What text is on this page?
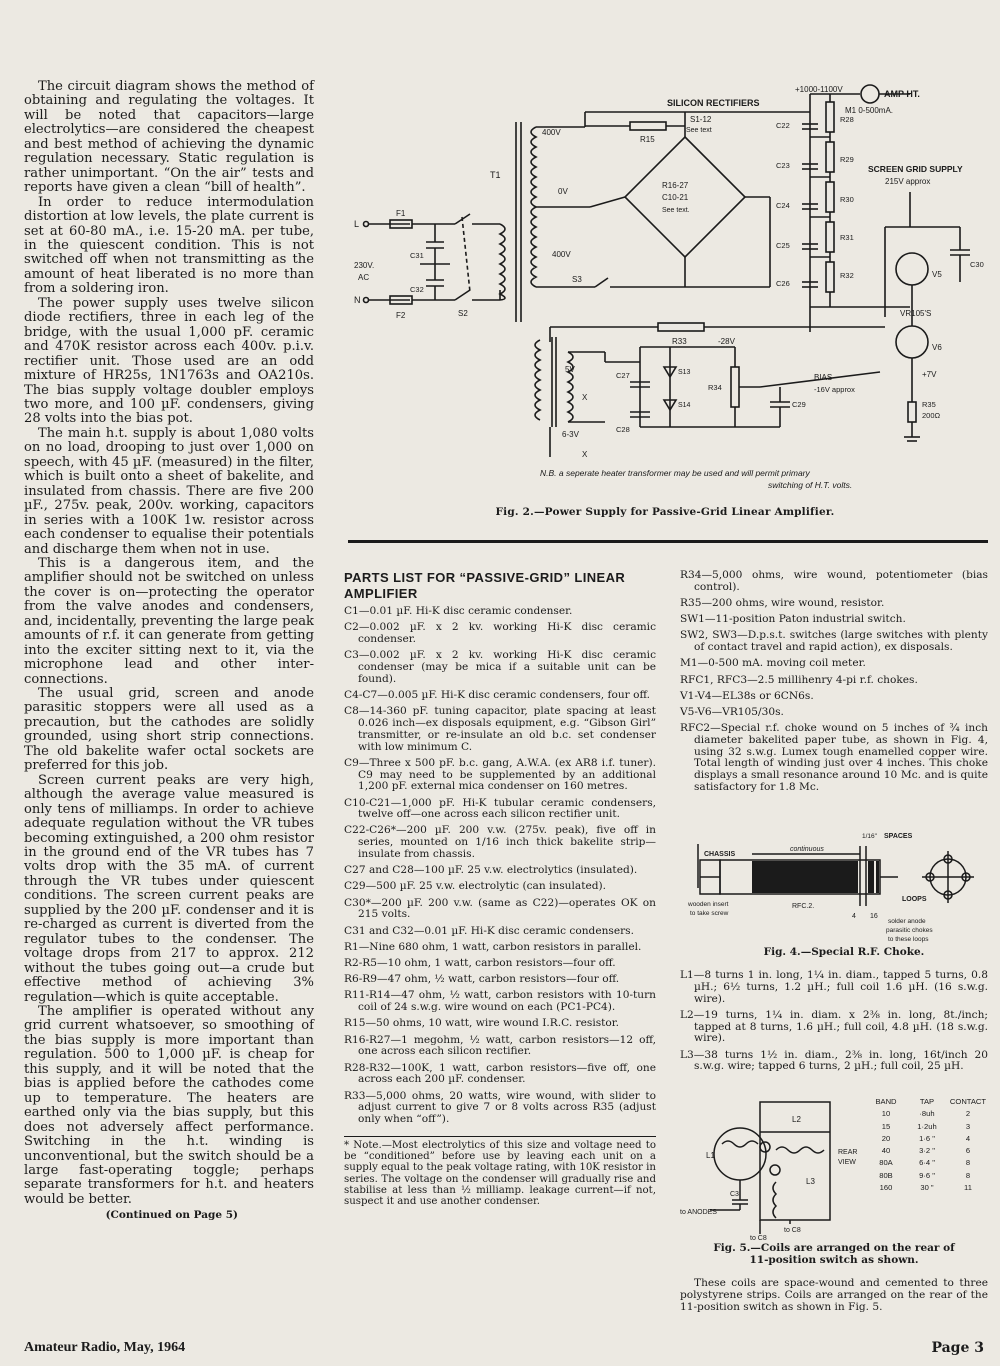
The circuit diagram shows the method of obtaining and regulating the voltages. It will be noted that capacitors—large electrolytics—are considered the cheapest and best method of achieving the dynamic regulation necessary. Static regulation is rather unimportant. “On the air” tests and reports have given a clean “bill of health”.

In order to reduce intermodulation distortion at low levels, the plate current is set at 60-80 mA., i.e. 15-20 mA. per tube, in the quiescent condition. This is not switched off when not transmitting as the amount of heat liberated is no more than from a soldering iron.

The power supply uses twelve silicon diode rectifiers, three in each leg of the bridge, with the usual 1,000 pF. ceramic and 470K resistor across each 400v. p.i.v. rectifier unit. Those used are an odd mixture of HR25s, 1N1763s and OA210s. The bias supply voltage doubler employs two more, and 100 µF. condensers, giving 28 volts into the bias pot.

The main h.t. supply is about 1,080 volts on no load, drooping to just over 1,000 on speech, with 45 µF. (measured) in the filter, which is built onto a sheet of bakelite, and insulated from chassis. There are five 200 µF., 275v. peak, 200v. working, capacitors in series with a 100K 1w. resistor across each condenser to equalise their potentials and discharge them when not in use.

This is a dangerous item, and the amplifier should not be switched on unless the cover is on—protecting the operator from the valve anodes and condensers, and, incidentally, preventing the large peak amounts of r.f. it can generate from getting into the exciter sitting next to it, via the microphone lead and other inter-connections.

The usual grid, screen and anode parasitic stoppers were all used as a precaution, but the cathodes are solidly grounded, using short strip connections. The old bakelite wafer octal sockets are preferred for this job.

Screen current peaks are very high, although the average value measured is only tens of milliamps. In order to achieve adequate regulation without the VR tubes becoming extinguished, a 200 ohm resistor in the ground end of the VR tubes has 7 volts drop with the 35 mA. of current through the VR tubes under quiescent conditions. The screen current peaks are supplied by the 200 µF. condenser and it is re-charged as current is diverted from the regulator tubes to the condenser. The voltage drops from 217 to approx. 212 without the tubes going out—a crude but effective method of achieving 3% regulation—which is quite acceptable.

The amplifier is operated without any grid current whatsoever, so smoothing of the bias supply is more important than regulation. 500 to 1,000 µF. is cheap for this supply, and it will be noted that the bias is applied before the cathodes come up to temperature. The heaters are earthed only via the bias supply, but this does not adversely affect performance. Switching in the h.t. winding is unconventional, but the switch should be a large fast-operating toggle; perhaps separate transformers for h.t. and heaters would be better.

(Continued on Page 5)

SILICON RECTIFIERS
S1-12
See text
+1000-1100V	AMP HT.
M1 0-500mA.
SCREEN GRID SUPPLY
215V approx
T1
400V
0V
400V
R15
R16-27
C10-21
See text.
L
N
F1
F2
230V.
AC
C31
C32
S2
S3
C22
C23
C24
C25
C26
R28
R29
R30
R31
R32
C30
V5
V6
VR105'S
R33
5V
X
6-3V
X
C27
C28
S13
S14
-28V
R34
BIAS
-16V approx
C29
+7V
R35
200Ω
N.B. a seperate heater transformer may be used and will permit primary
switching of H.T. volts.
Fig. 2.—Power Supply for Passive-Grid Linear Amplifier.
PARTS LIST FOR “PASSIVE-GRID” LINEAR AMPLIFIER
C1—0.01 µF. Hi-K disc ceramic condenser.
C2—0.002 µF. x 2 kv. working Hi-K disc ceramic condenser.
C3—0.002 µF. x 2 kv. working Hi-K disc ceramic condenser (may be mica if a suitable unit can be found).
C4-C7—0.005 µF. Hi-K disc ceramic condensers, four off.
C8—14-360 pF. tuning capacitor, plate spacing at least 0.026 inch—ex disposals equipment, e.g. “Gibson Girl” transmitter, or re-insulate an old b.c. set condenser with low minimum C.
C9—Three x 500 pF. b.c. gang, A.W.A. (ex AR8 i.f. tuner). C9 may need to be supplemented by an additional 1,200 pF. external mica condenser on 160 metres.
C10-C21—1,000 pF. Hi-K tubular ceramic condensers, twelve off—one across each silicon rectifier unit.
C22-C26*—200 µF. 200 v.w. (275v. peak), five off in series, mounted on 1/16 inch thick bakelite strip—insulate from chassis.
C27 and C28—100 µF. 25 v.w. electrolytics (insulated).
C29—500 µF. 25 v.w. electrolytic (can insulated).
C30*—200 µF. 200 v.w. (same as C22)—operates OK on 215 volts.
C31 and C32—0.01 µF. Hi-K disc ceramic condensers.
R1—Nine 680 ohm, 1 watt, carbon resistors in parallel.
R2-R5—10 ohm, 1 watt, carbon resistors—four off.
R6-R9—47 ohm, ½ watt, carbon resistors—four off.
R11-R14—47 ohm, ½ watt, carbon resistors with 10-turn coil of 24 s.w.g. wire wound on each (PC1-PC4).
R15—50 ohms, 10 watt, wire wound I.R.C. resistor.
R16-R27—1 megohm, ½ watt, carbon resistors—12 off, one across each silicon rectifier.
R28-R32—100K, 1 watt, carbon resistors—five off, one across each 200 µF. condenser.
R33—5,000 ohms, 20 watts, wire wound, with slider to adjust current to give 7 or 8 volts across R35 (adjust only when “off”).
* Note.—Most electrolytics of this size and voltage need to be “conditioned” before use by leaving each unit on a supply equal to the peak voltage rating, with 10K resistor in series. The voltage on the condenser will gradually rise and stabilise at less than ½ milliamp. leakage current—if not, suspect it and use another condenser.
R34—5,000 ohms, wire wound, potentiometer (bias control).
R35—200 ohms, wire wound, resistor.
SW1—11-position Paton industrial switch.
SW2, SW3—D.p.s.t. switches (large switches with plenty of contact travel and rapid action), ex disposals.
M1—0-500 mA. moving coil meter.
RFC1, RFC3—2.5 millihenry 4-pi r.f. chokes.
V1-V4—EL38s or 6CN6s.
V5-V6—VR105/30s.
RFC2—Special r.f. choke wound on 5 inches of ¾ inch diameter bakelited paper tube, as shown in Fig. 4, using 32 s.w.g. Lumex tough enamelled copper wire. Total length of winding just over 4 inches. This choke displays a small resonance around 10 Mc. and is quite satisfactory for 1.8 Mc.
CHASSIS
continuous
1/16" SPACES
wooden insert
to take screw
RFC.2.
4 16
LOOPS
solder anode
parasitic chokes
to these loops
Fig. 4.—Special R.F. Choke.
L1—8 turns 1 in. long, 1¼ in. diam., tapped 5 turns, 0.8 µH.; 6½ turns, 1.2 µH.; full coil 1.6 µH. (16 s.w.g. wire).
L2—19 turns, 1¼ in. diam. x 2⅜ in. long, 8t./inch; tapped at 8 turns, 1.6 µH.; full coil, 4.8 µH. (18 s.w.g. wire).
L3—38 turns 1½ in. diam., 2⅜ in. long, 16t/inch 20 s.w.g. wire; tapped 6 turns, 2 µH.; full coil, 25 µH.
L2
L1
L3
C3
REAR
VIEW
to ANODES
to C8
to C8
BAND	TAP	CONTACT
10	·8uh	2
15	1·2uh	3
20	1·6 "	4
40	3·2 "	6
80A	6·4 "	8
80B	9·6 "	8
160	30 "	11
Fig. 5.—Coils are arranged on the rear of
11-position switch as shown.

These coils are space-wound and cemented to three polystyrene strips. Coils are arranged on the rear of the 11-position switch as shown in Fig. 5.

Amateur Radio, May, 1964	Page 3
